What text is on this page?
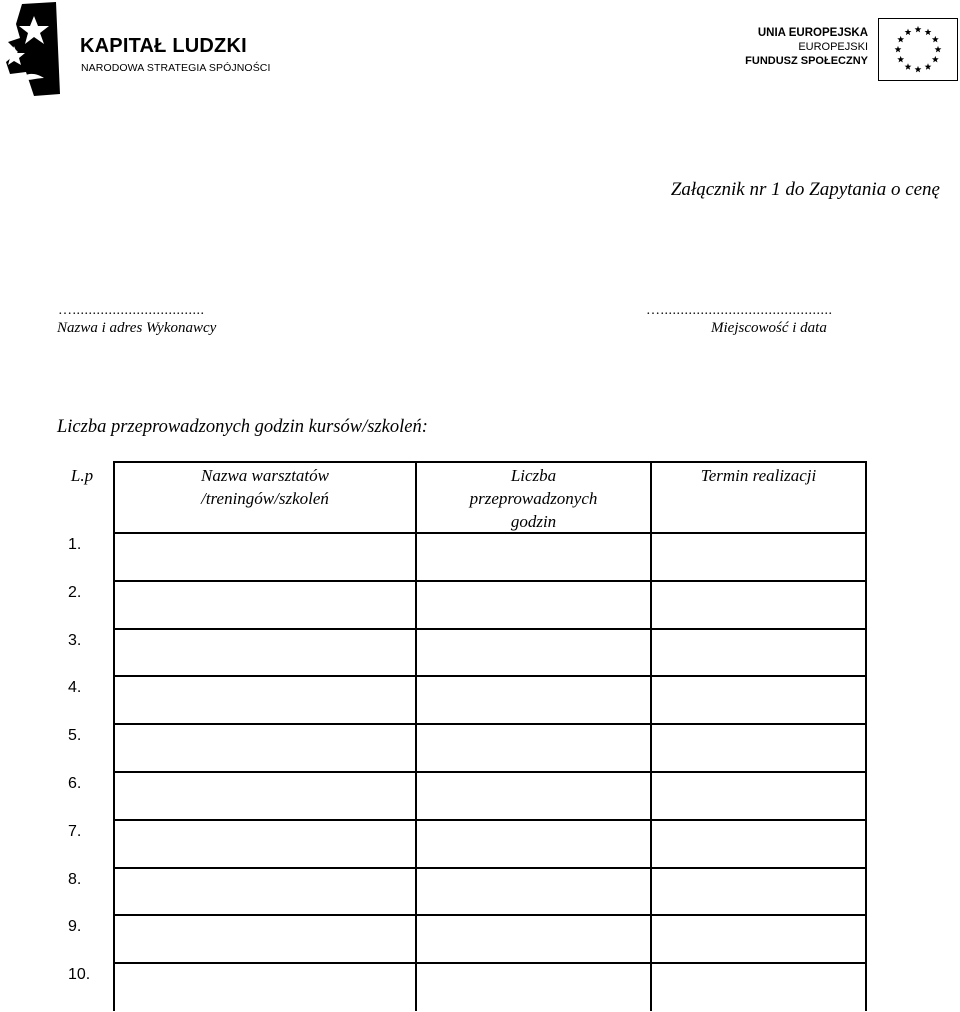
KAPITAŁ LUDZKI
NARODOWA STRATEGIA SPÓJNOŚCI
UNIA EUROPEJSKA
EUROPEJSKI
FUNDUSZ SPOŁECZNY
Załącznik nr 1 do Zapytania o cenę
….................................
Nazwa i adres Wykonawcy
…...........................................
Miejscowość i data
Liczba przeprowadzonych godzin kursów/szkoleń:
L.p	Nazwa warsztatów
/treningów/szkoleń
Liczba
przeprowadzonych
godzin
Termin realizacji
1.
2.
3.
4.
5.
6.
7.
8.
9.
10.
